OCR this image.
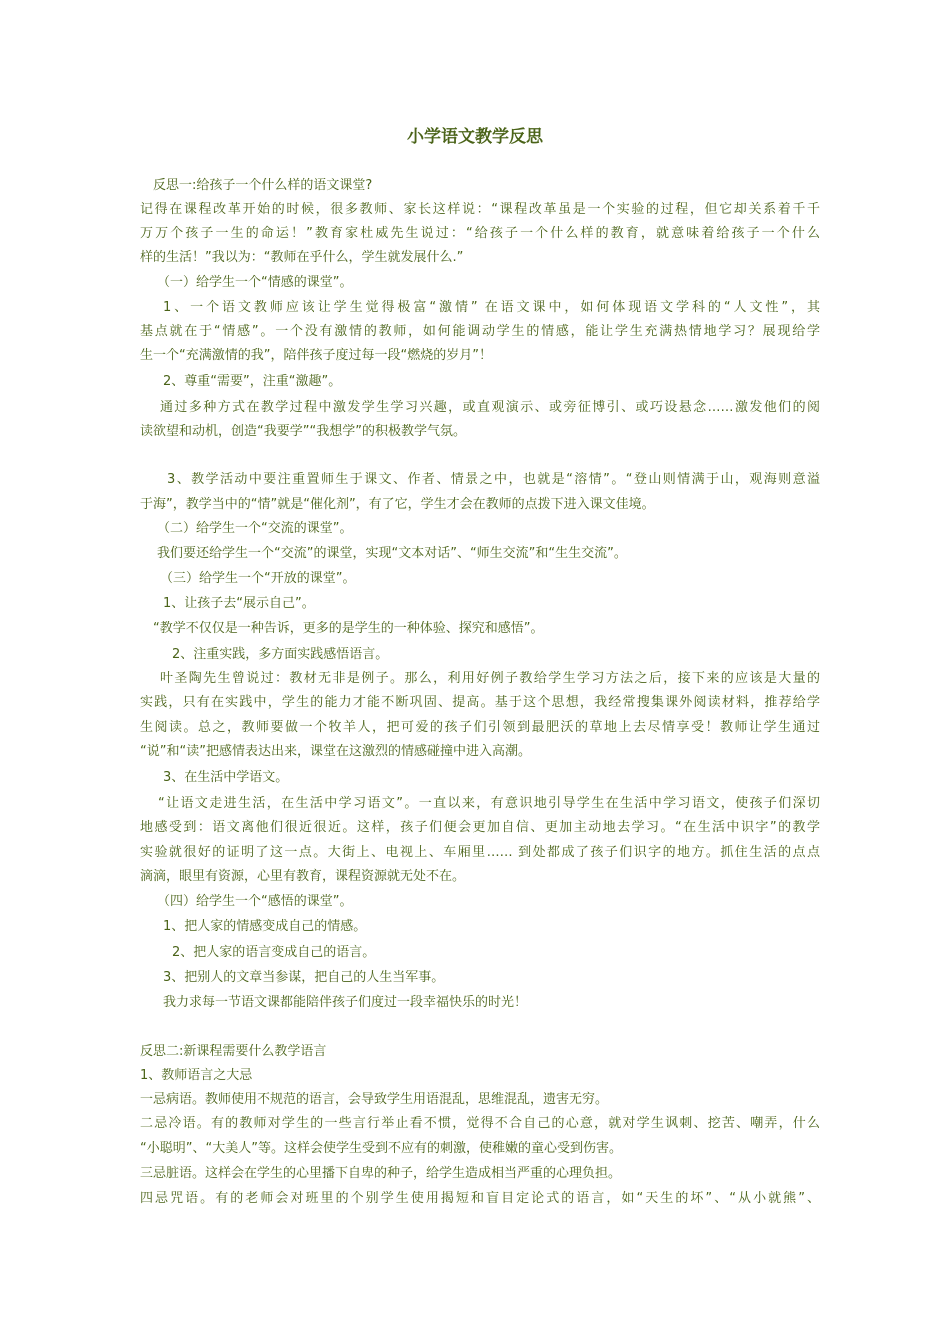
小学语文教学反思
反思一:给孩子一个什么样的语文课堂?
记得在课程改革开始的时候，很多教师、家长这样说：“课程改革虽是一个实验的过程，但它却关系着千千
万万个孩子一生的命运！”教育家杜威先生说过：“给孩子一个什么样的教育，就意味着给孩子一个什么
样的生活！”我以为：“教师在乎什么，学生就发展什么.”
（一）给学生一个“情感的课堂”。
1、一个语文教师应该让学生觉得极富“激情” 在语文课中，如何体现语文学科的“人文性”，其
基点就在于“情感”。一个没有激情的教师，如何能调动学生的情感，能让学生充满热情地学习？展现给学
生一个“充满激情的我”，陪伴孩子度过每一段“燃烧的岁月”！
2、尊重“需要”，注重“激趣”。
通过多种方式在教学过程中激发学生学习兴趣，或直观演示、或旁征博引、或巧设悬念……激发他们的阅
读欲望和动机，创造“我要学”“我想学”的积极教学气氛。
3、教学活动中要注重置师生于课文、作者、情景之中，也就是“溶情”。“登山则情满于山，观海则意溢
于海”，教学当中的“情”就是“催化剂”，有了它，学生才会在教师的点拨下进入课文佳境。
（二）给学生一个“交流的课堂”。
我们要还给学生一个“交流”的课堂，实现“文本对话”、“师生交流”和“生生交流”。
（三）给学生一个“开放的课堂”。
1、让孩子去“展示自己”。
“教学不仅仅是一种告诉，更多的是学生的一种体验、探究和感悟”。
2、注重实践，多方面实践感悟语言。
叶圣陶先生曾说过：教材无非是例子。那么，利用好例子教给学生学习方法之后，接下来的应该是大量的
实践，只有在实践中，学生的能力才能不断巩固、提高。基于这个思想，我经常搜集课外阅读材料，推荐给学
生阅读。总之，教师要做一个牧羊人，把可爱的孩子们引领到最肥沃的草地上去尽情享受！教师让学生通过
“说”和“读”把感情表达出来，课堂在这激烈的情感碰撞中进入高潮。
3、在生活中学语文。
“让语文走进生活，在生活中学习语文”。一直以来，有意识地引导学生在生活中学习语文，使孩子们深切
地感受到：语文离他们很近很近。这样，孩子们便会更加自信、更加主动地去学习。“在生活中识字”的教学
实验就很好的证明了这一点。大街上、电视上、车厢里…… 到处都成了孩子们识字的地方。抓住生活的点点
滴滴，眼里有资源，心里有教育，课程资源就无处不在。
（四）给学生一个“感悟的课堂”。
1、把人家的情感变成自己的情感。
2、把人家的语言变成自己的语言。
3、把别人的文章当参谋，把自己的人生当军事。
我力求每一节语文课都能陪伴孩子们度过一段幸福快乐的时光！
反思二:新课程需要什么教学语言
1、教师语言之大忌
一忌病语。教师使用不规范的语言，会导致学生用语混乱，思维混乱，遗害无穷。
二忌冷语。有的教师对学生的一些言行举止看不惯，觉得不合自己的心意，就对学生讽刺、挖苦、嘲弄，什么
“小聪明”、“大美人”等。这样会使学生受到不应有的刺激，使稚嫩的童心受到伤害。
三忌脏语。这样会在学生的心里播下自卑的种子，给学生造成相当严重的心理负担。
四忌咒语。有的老师会对班里的个别学生使用揭短和盲目定论式的语言，如“天生的坏”、“从小就熊”、
